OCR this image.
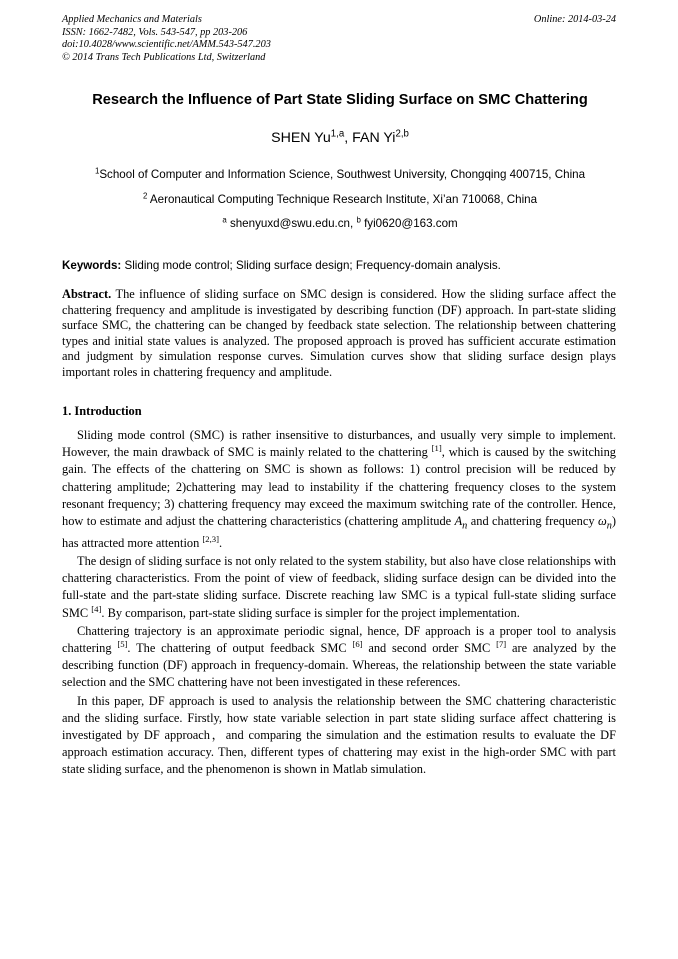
Applied Mechanics and Materials
ISSN: 1662-7482, Vols. 543-547, pp 203-206
doi:10.4028/www.scientific.net/AMM.543-547.203
© 2014 Trans Tech Publications Ltd, Switzerland
Online: 2014-03-24
Research the Influence of Part State Sliding Surface on SMC Chattering
SHEN Yu$^{1,a}$, FAN Yi$^{2,b}$
$^1$School of Computer and Information Science, Southwest University, Chongqing 400715, China
$^2$ Aeronautical Computing Technique Research Institute, Xi’an 710068, China
$^a$ shenyuxd@swu.edu.cn, $^b$ fyi0620@163.com
Keywords: Sliding mode control; Sliding surface design; Frequency-domain analysis.
Abstract. The influence of sliding surface on SMC design is considered. How the sliding surface affect the chattering frequency and amplitude is investigated by describing function (DF) approach. In part-state sliding surface SMC, the chattering can be changed by feedback state selection. The relationship between chattering types and initial state values is analyzed. The proposed approach is proved has sufficient accurate estimation and judgment by simulation response curves. Simulation curves show that sliding surface design plays important roles in chattering frequency and amplitude.
1. Introduction

Sliding mode control (SMC) is rather insensitive to disturbances, and usually very simple to implement. However, the main drawback of SMC is mainly related to the chattering [1], which is caused by the switching gain. The effects of the chattering on SMC is shown as follows: 1) control precision will be reduced by chattering amplitude; 2)chattering may lead to instability if the chattering frequency closes to the system resonant frequency; 3) chattering frequency may exceed the maximum switching rate of the controller. Hence, how to estimate and adjust the chattering characteristics (chattering amplitude $A_n$ and chattering frequency $\omega_n$) has attracted more attention [2,3].

The design of sliding surface is not only related to the system stability, but also have close relationships with chattering characteristics. From the point of view of feedback, sliding surface design can be divided into the full-state and the part-state sliding surface. Discrete reaching law SMC is a typical full-state sliding surface SMC [4]. By comparison, part-state sliding surface is simpler for the project implementation.

Chattering trajectory is an approximate periodic signal, hence, DF approach is a proper tool to analysis chattering [5]. The chattering of output feedback SMC [6] and second order SMC [7] are analyzed by the describing function (DF) approach in frequency-domain. Whereas, the relationship between the state variable selection and the SMC chattering have not been investigated in these references.

In this paper, DF approach is used to analysis the relationship between the SMC chattering characteristic and the sliding surface. Firstly, how state variable selection in part state sliding surface affect chattering is investigated by DF approach，and comparing the simulation and the estimation results to evaluate the DF approach estimation accuracy. Then, different types of chattering may exist in the high-order SMC with part state sliding surface, and the phenomenon is shown in Matlab simulation.
